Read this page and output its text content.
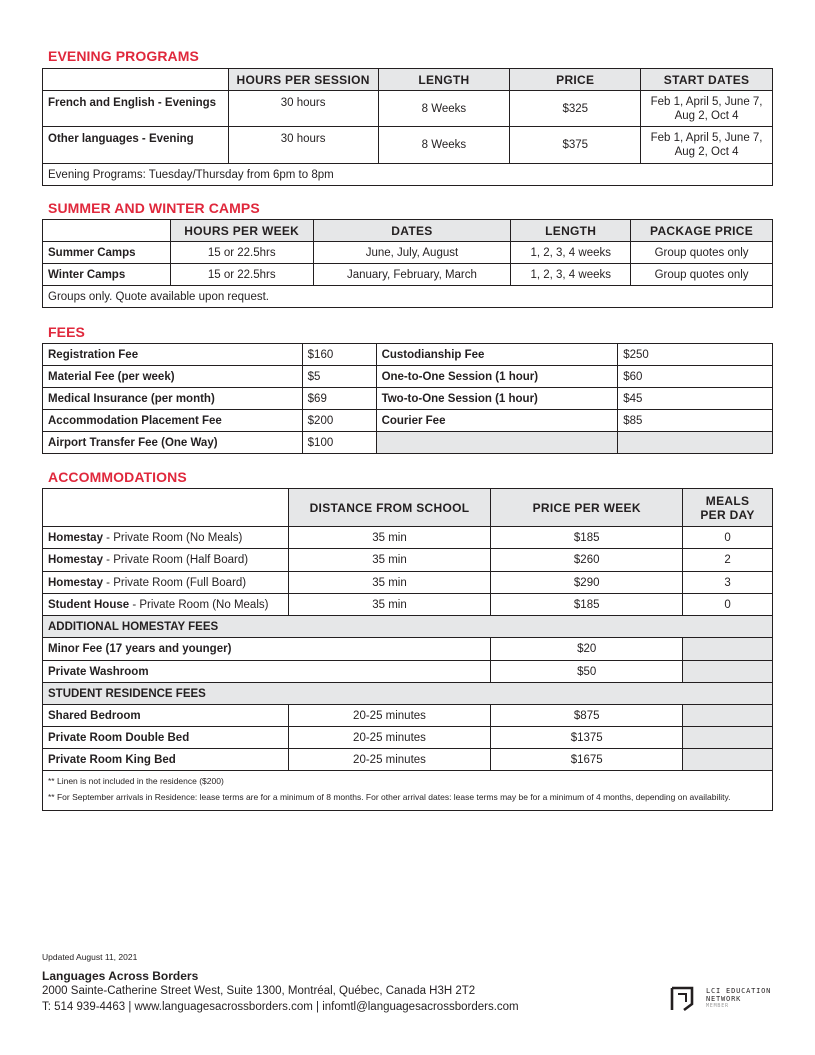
EVENING PROGRAMS
	HOURS PER SESSION	LENGTH	PRICE	START DATES
French and English - Evenings	30 hours	8 Weeks	$325	Feb 1, April 5, June 7,
Aug 2, Oct 4

Other languages - Evening	30 hours	8 Weeks	$375	Feb 1, April 5, June 7,
Aug 2, Oct 4

Evening Programs: Tuesday/Thursday from 6pm to 8pm				
SUMMER AND WINTER CAMPS
	HOURS PER WEEK	DATES	LENGTH	PACKAGE PRICE
Summer Camps	15 or 22.5hrs	June, July, August	1, 2, 3, 4 weeks	Group quotes only
Winter Camps	15 or 22.5hrs	January, February, March	1, 2, 3, 4 weeks	Group quotes only
Groups only. Quote available upon request.				
FEES
Registration Fee	$160	Custodianship Fee	$250
Material Fee (per week)	$5	One-to-One Session (1 hour)	$60
Medical Insurance (per month)	$69	Two-to-One Session (1 hour)	$45
Accommodation Placement Fee	$200	Courier Fee	$85
Airport Transfer Fee (One Way)	$100		
ACCOMMODATIONS
	DISTANCE FROM SCHOOL	PRICE PER WEEK	MEALS
PER DAY

Homestay - Private Room (No Meals)	35 min	$185	0
Homestay - Private Room (Half Board)	35 min	$260	2
Homestay - Private Room (Full Board)	35 min	$290	3
Student House - Private Room (No Meals)	35 min	$185	0
ADDITIONAL HOMESTAY FEES			
Minor Fee (17 years and younger)		$20	
Private Washroom		$50	
STUDENT RESIDENCE FEES			
Shared Bedroom	20-25 minutes	$875	
Private Room Double Bed	20-25 minutes	$1375	
Private Room King Bed	20-25 minutes	$1675	

** Linen is not included in the residence ($200)
** For September arrivals in Residence: lease terms are for a minimum of 8 months. For other arrival dates: lease terms may be for a minimum of 4 months, depending on availability.			
Updated August 11, 2021
Languages Across Borders
2000 Sainte-Catherine Street West, Suite 1300, Montréal, Québec, Canada H3H 2T2
T: 514 939-4463 | www.languagesacrossborders.com | infomtl@languagesacrossborders.com
LCI EDUCATION
NETWORK
MEMBER
